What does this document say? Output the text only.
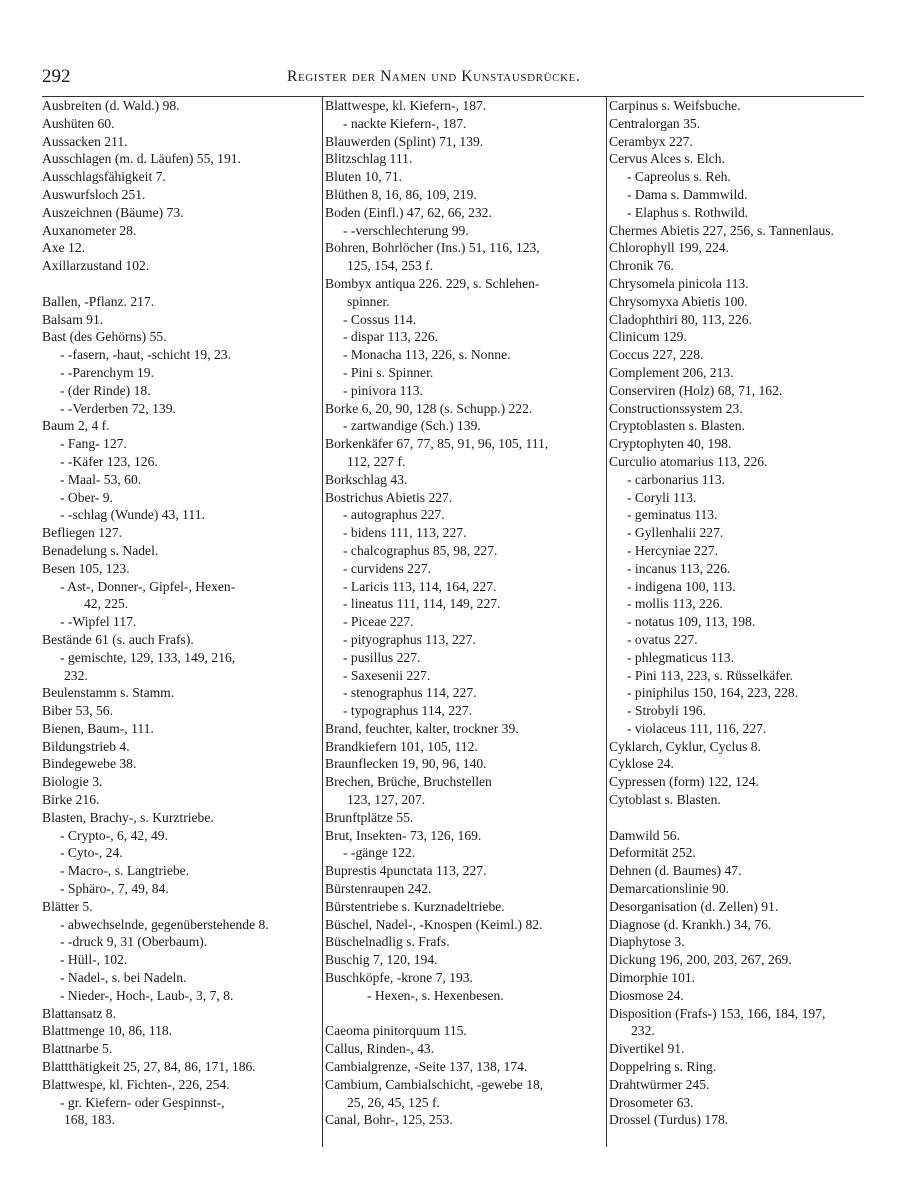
292	Register der Namen und Kunstausdrücke.
Ausbreiten (d. Wald.) 98.
Aushüten 60.
Aussacken 211.
Ausschlagen (m. d. Läufen) 55, 191.
Ausschlagsfähigkeit 7.
Auswurfsloch 251.
Auszeichnen (Bäume) 73.
Auxanometer 28.
Axe 12.
Axillarzustand 102.
Ballen, -Pflanz. 217.
Balsam 91.
Bast (des Gehörns) 55.
- -fasern, -haut, -schicht 19, 23.
- -Parenchym 19.
- (der Rinde) 18.
- -Verderben 72, 139.
Baum 2, 4 f.
- Fang- 127.
- -Käfer 123, 126.
- Maal- 53, 60.
- Ober- 9.
- -schlag (Wunde) 43, 111.
Befliegen 127.
Benadelung s. Nadel.
Besen 105, 123.
- Ast-, Donner-, Gipfel-, Hexen-
42, 225.
- -Wipfel 117.
Bestände 61 (s. auch Frafs).
- gemischte, 129, 133, 149, 216,
232.
Beulenstamm s. Stamm.
Biber 53, 56.
Bienen, Baum-, 111.
Bildungstrieb 4.
Bindegewebe 38.
Biologie 3.
Birke 216.
Blasten, Brachy-, s. Kurztriebe.
- Crypto-, 6, 42, 49.
- Cyto-, 24.
- Macro-, s. Langtriebe.
- Sphäro-, 7, 49, 84.
Blätter 5.
- abwechselnde, gegenüberstehende 8.
- -druck 9, 31 (Oberbaum).
- Hüll-, 102.
- Nadel-, s. bei Nadeln.
- Nieder-, Hoch-, Laub-, 3, 7, 8.
Blattansatz 8.
Blattmenge 10, 86, 118.
Blattnarbe 5.
Blattthätigkeit 25, 27, 84, 86, 171, 186.
Blattwespe, kl. Fichten-, 226, 254.
- gr. Kiefern- oder Gespinnst-,
168, 183.
Blattwespe, kl. Kiefern-, 187.
- nackte Kiefern-, 187.
Blauwerden (Splint) 71, 139.
Blitzschlag 111.
Bluten 10, 71.
Blüthen 8, 16, 86, 109, 219.
Boden (Einfl.) 47, 62, 66, 232.
- -verschlechterung 99.
Bohren, Bohrlöcher (Ins.) 51, 116, 123,
125, 154, 253 f.
Bombyx antiqua 226. 229, s. Schlehen-
spinner.
- Cossus 114.
- dispar 113, 226.
- Monacha 113, 226, s. Nonne.
- Pini s. Spinner.
- pinivora 113.
Borke 6, 20, 90, 128 (s. Schupp.) 222.
- zartwandige (Sch.) 139.
Borkenkäfer 67, 77, 85, 91, 96, 105, 111,
112, 227 f.
Borkschlag 43.
Bostrichus Abietis 227.
- autographus 227.
- bidens 111, 113, 227.
- chalcographus 85, 98, 227.
- curvidens 227.
- Laricis 113, 114, 164, 227.
- lineatus 111, 114, 149, 227.
- Piceae 227.
- pityographus 113, 227.
- pusillus 227.
- Saxesenii 227.
- stenographus 114, 227.
- typographus 114, 227.
Brand, feuchter, kalter, trockner 39.
Brandkiefern 101, 105, 112.
Braunflecken 19, 90, 96, 140.
Brechen, Brüche, Bruchstellen
123, 127, 207.
Brunftplätze 55.
Brut, Insekten- 73, 126, 169.
- -gänge 122.
Buprestis 4punctata 113, 227.
Bürstenraupen 242.
Bürstentriebe s. Kurznadeltriebe.
Büschel, Nadel-, -Knospen (Keiml.) 82.
Büschelnadlig s. Frafs.
Buschig 7, 120, 194.
Buschköpfe, -krone 7, 193.
- Hexen-, s. Hexenbesen.
Caeoma pinitorquum 115.
Callus, Rinden-, 43.
Cambialgrenze, -Seite 137, 138, 174.
Cambium, Cambialschicht, -gewebe 18,
25, 26, 45, 125 f.
Canal, Bohr-, 125, 253.
Carpinus s. Weifsbuche.
Centralorgan 35.
Cerambyx 227.
Cervus Alces s. Elch.
- Capreolus s. Reh.
- Dama s. Dammwild.
- Elaphus s. Rothwild.
Chermes Abietis 227, 256, s. Tannenlaus.
Chlorophyll 199, 224.
Chronik 76.
Chrysomela pinicola 113.
Chrysomyxa Abietis 100.
Cladophthiri 80, 113, 226.
Clinicum 129.
Coccus 227, 228.
Complement 206, 213.
Conserviren (Holz) 68, 71, 162.
Constructionssystem 23.
Cryptoblasten s. Blasten.
Cryptophyten 40, 198.
Curculio atomarius 113, 226.
- carbonarius 113.
- Coryli 113.
- geminatus 113.
- Gyllenhalii 227.
- Hercyniae 227.
- incanus 113, 226.
- indigena 100, 113.
- mollis 113, 226.
- notatus 109, 113, 198.
- ovatus 227.
- phlegmaticus 113.
- Pini 113, 223, s. Rüsselkäfer.
- piniphilus 150, 164, 223, 228.
- Strobyli 196.
- violaceus 111, 116, 227.
Cyklarch, Cyklur, Cyclus 8.
Cyklose 24.
Cypressen (form) 122, 124.
Cytoblast s. Blasten.
Damwild 56.
Deformität 252.
Dehnen (d. Baumes) 47.
Demarcationslinie 90.
Desorganisation (d. Zellen) 91.
Diagnose (d. Krankh.) 34, 76.
Diaphytose 3.
Dickung 196, 200, 203, 267, 269.
Dimorphie 101.
Diosmose 24.
Disposition (Frafs-) 153, 166, 184, 197,
232.
Divertikel 91.
Doppelring s. Ring.
Drahtwürmer 245.
Drosometer 63.
Drossel (Turdus) 178.
